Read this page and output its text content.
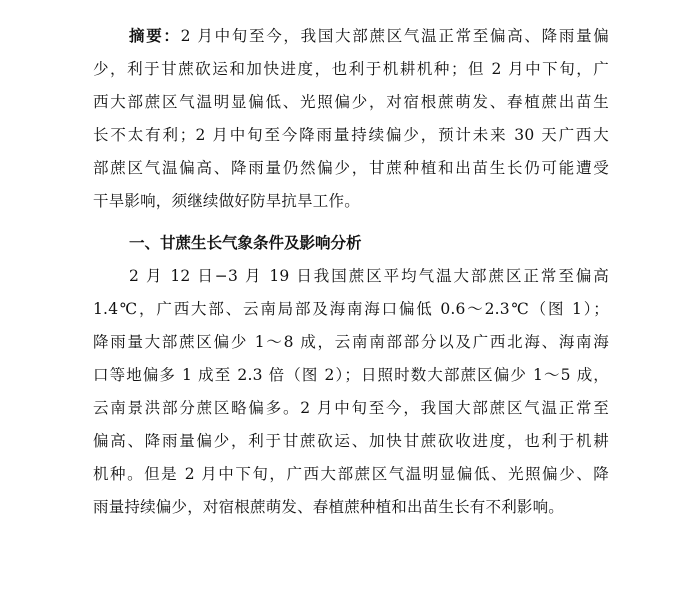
摘要：2 月中旬至今，我国大部蔗区气温正常至偏高、降雨量偏
少，利于甘蔗砍运和加快进度，也利于机耕机种；但 2 月中下旬，广
西大部蔗区气温明显偏低、光照偏少，对宿根蔗萌发、春植蔗出苗生
长不太有利；2 月中旬至今降雨量持续偏少，预计未来 30 天广西大
部蔗区气温偏高、降雨量仍然偏少，甘蔗种植和出苗生长仍可能遭受
干旱影响，须继续做好防旱抗旱工作。
一、甘蔗生长气象条件及影响分析
2 月 12 日−3 月 19 日我国蔗区平均气温大部蔗区正常至偏高
1.4℃，广西大部、云南局部及海南海口偏低 0.6～2.3℃（图 1）；
降雨量大部蔗区偏少 1～8 成，云南南部部分以及广西北海、海南海
口等地偏多 1 成至 2.3 倍（图 2）；日照时数大部蔗区偏少 1～5 成，
云南景洪部分蔗区略偏多。2 月中旬至今，我国大部蔗区气温正常至
偏高、降雨量偏少，利于甘蔗砍运、加快甘蔗砍收进度，也利于机耕
机种。但是 2 月中下旬，广西大部蔗区气温明显偏低、光照偏少、降
雨量持续偏少，对宿根蔗萌发、春植蔗种植和出苗生长有不利影响。
